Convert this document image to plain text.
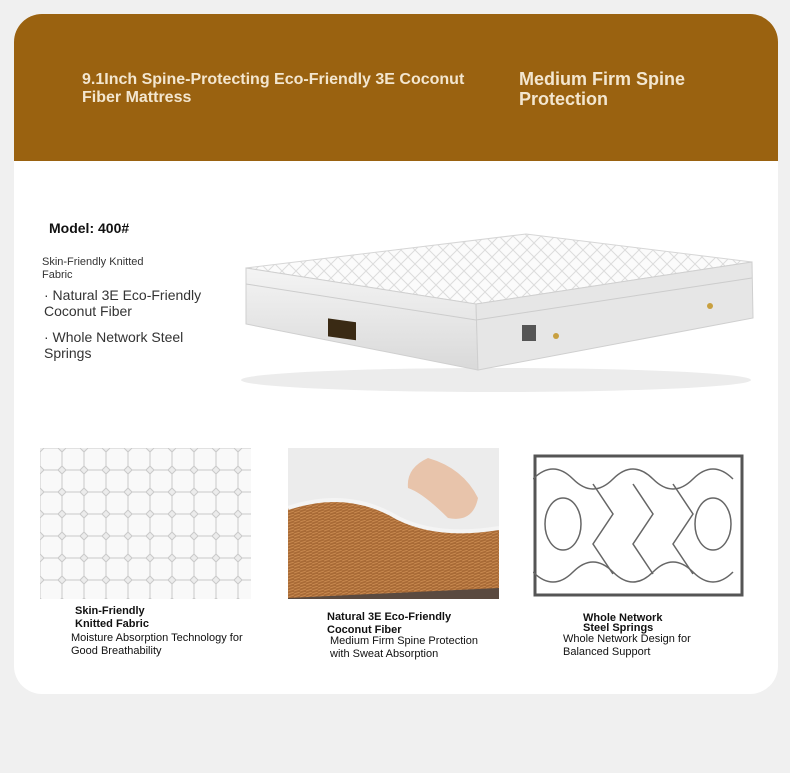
9.1Inch Spine-Protecting Eco-Friendly 3E Coconut Fiber Mattress
Medium Firm Spine Protection
Model: 400#
Skin-Friendly Knitted Fabric
· Natural 3E Eco-Friendly Coconut Fiber
· Whole Network Steel Springs
Skin-Friendly
Knitted Fabric
Moisture Absorption Technology for
Good Breathability
Natural 3E Eco-Friendly
Coconut Fiber
Medium Firm Spine Protection
with Sweat Absorption
Whole Network
Steel Springs
Whole Network Design for
Balanced Support
